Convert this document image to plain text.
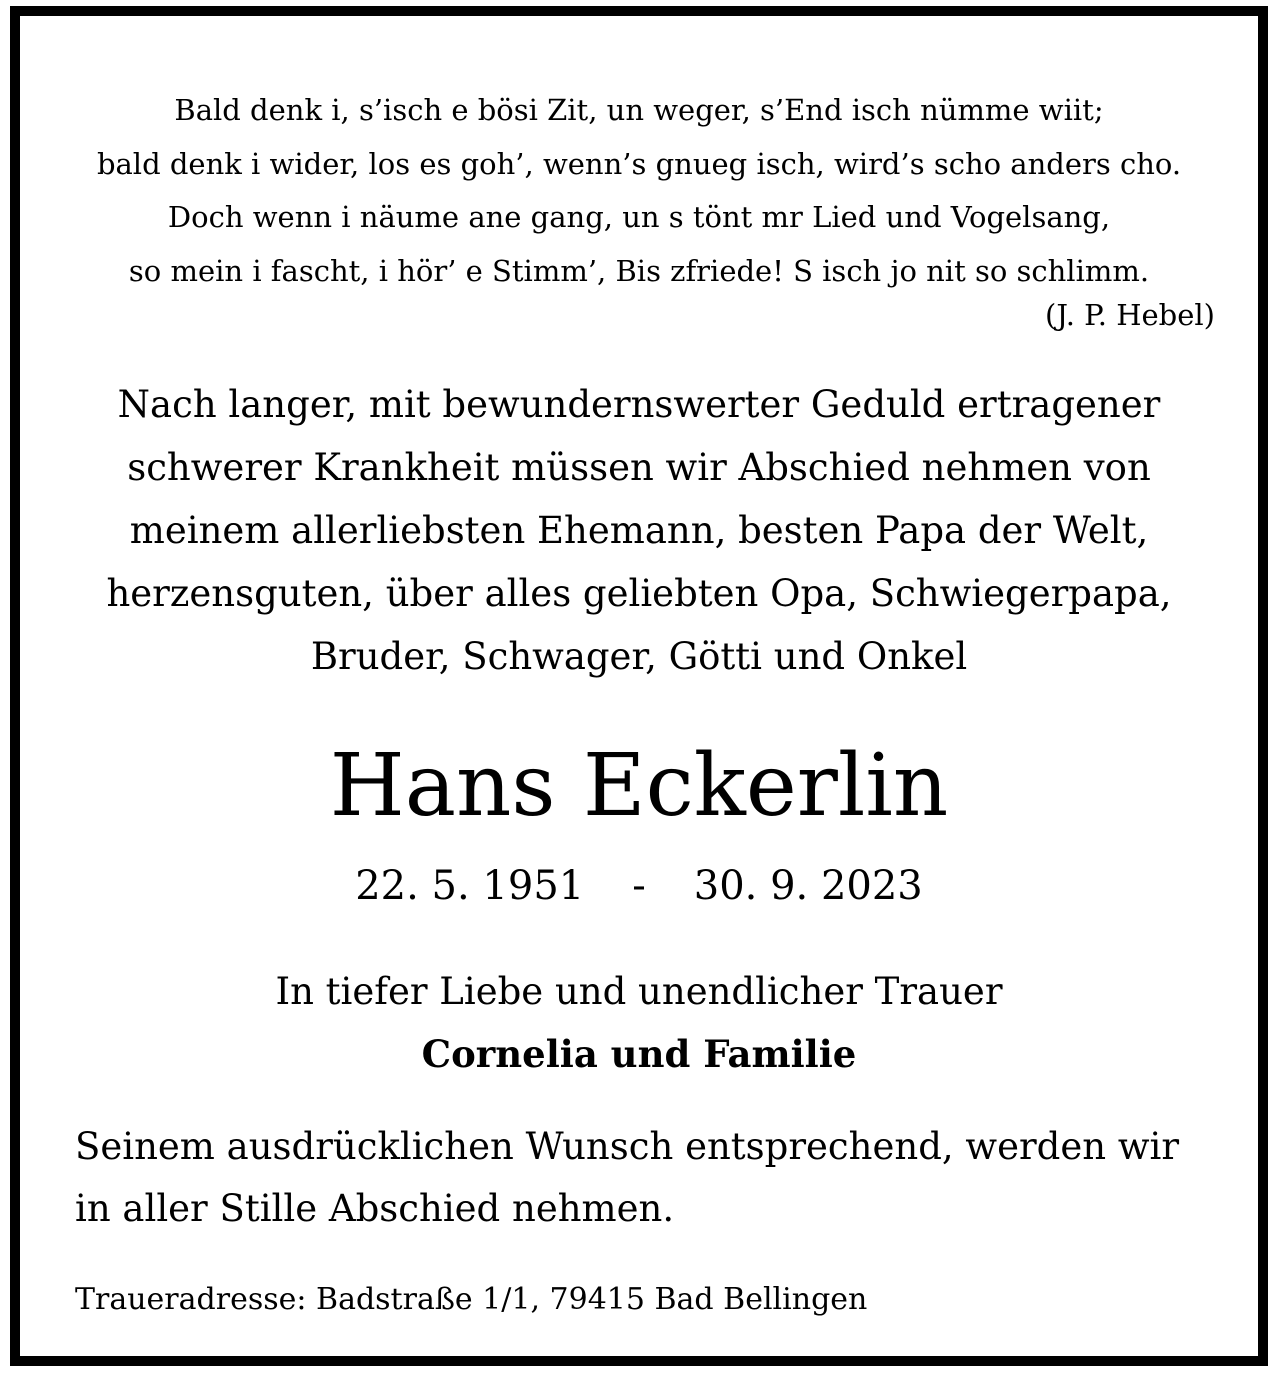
Bald denk i, s’isch e bösi Zit, un weger, s’End isch nümme wiit;
bald denk i wider, los es goh’, wenn’s gnueg isch, wird’s scho anders cho.
Doch wenn i näume ane gang, un s tönt mr Lied und Vogelsang,
so mein i fascht, i hör’ e Stimm’, Bis zfriede! S isch jo nit so schlimm.
(J. P. Hebel)
Nach langer, mit bewundernswerter Geduld ertragener
schwerer Krankheit müssen wir Abschied nehmen von
meinem allerliebsten Ehemann, besten Papa der Welt,
herzensguten, über alles geliebten Opa, Schwiegerpapa,
Bruder, Schwager, Götti und Onkel
Hans Eckerlin
22. 5. 1951 - 30. 9. 2023
In tiefer Liebe und unendlicher Trauer
Cornelia und Familie
Seinem ausdrücklichen Wunsch entsprechend, werden wir
in aller Stille Abschied nehmen.
Traueradresse: Badstraße 1/1, 79415 Bad Bellingen
